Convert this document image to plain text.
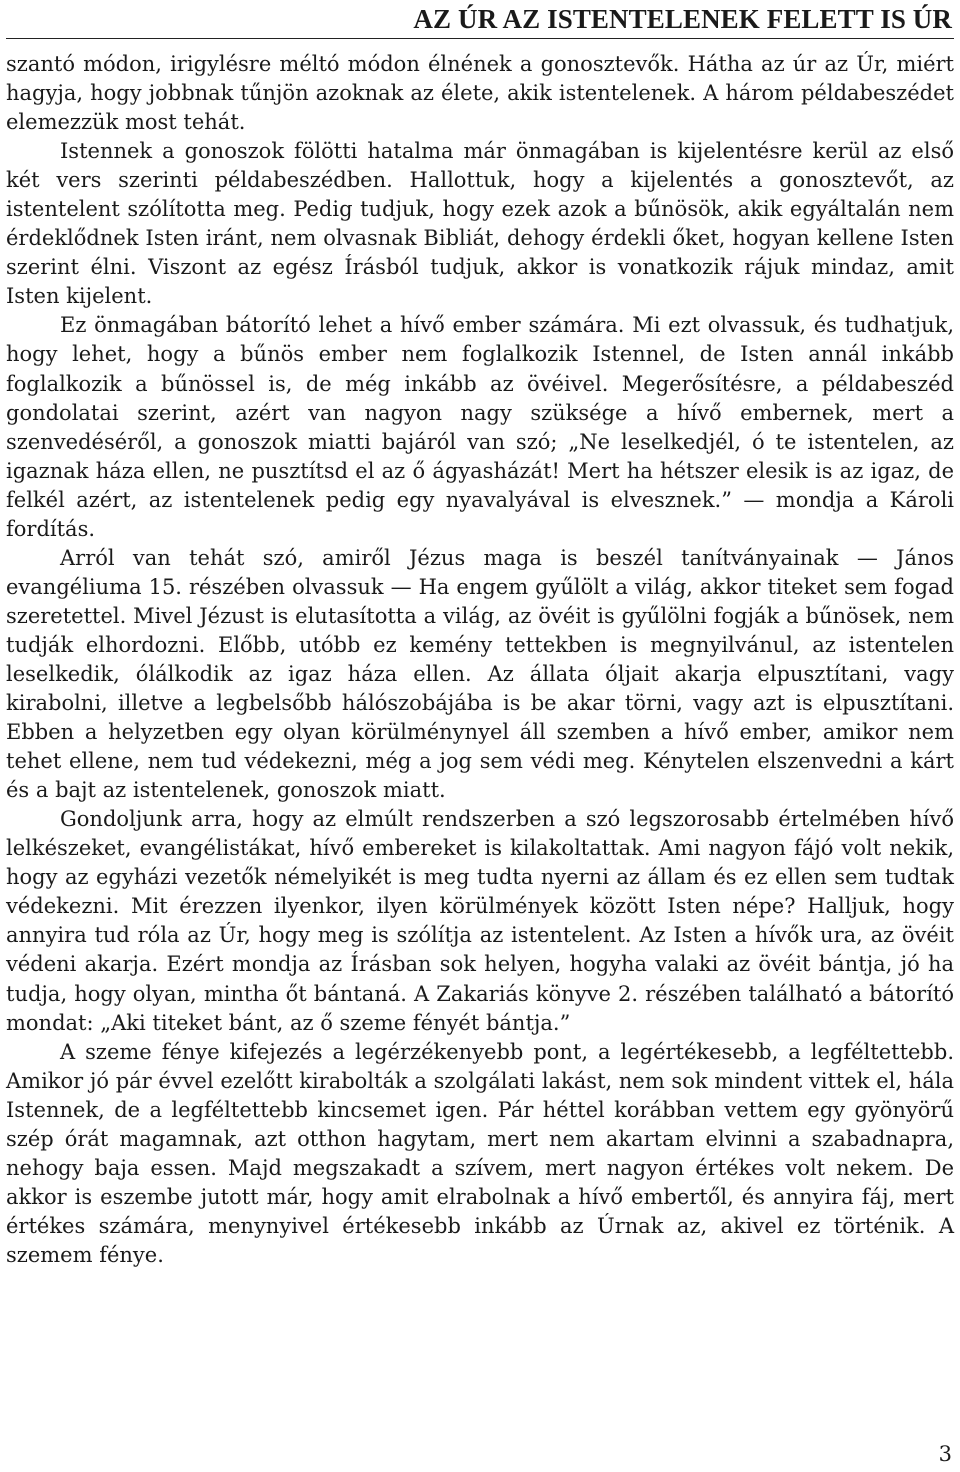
AZ ÚR AZ ISTENTELENEK FELETT IS ÚR

szantó módon, irigylésre méltó módon élnének a gonosztevők. Hátha az úr az Úr, miért hagyja, hogy jobbnak tűnjön azoknak az élete, akik istentelenek. A három példabeszédet elemezzük most tehát.

Istennek a gonoszok fölötti hatalma már önmagában is kijelentésre kerül az első két vers szerinti példabeszédben. Hallottuk, hogy a kijelentés a gonosztevőt, az istentelent szólította meg. Pedig tudjuk, hogy ezek azok a bűnösök, akik egyáltalán nem érdeklődnek Isten iránt, nem olvasnak Bibliát, dehogy érdekli őket, hogyan kellene Isten szerint élni. Viszont az egész Írásból tudjuk, akkor is vonatkozik rájuk mindaz, amit Isten kijelent.

Ez önmagában bátorító lehet a hívő ember számára. Mi ezt olvassuk, és tudhatjuk, hogy lehet, hogy a bűnös ember nem foglalkozik Istennel, de Isten annál inkább foglalkozik a bűnössel is, de még inkább az övéivel. Megerősítésre, a példabeszéd gondolatai szerint, azért van nagyon nagy szüksége a hívő embernek, mert a szenvedéséről, a gonoszok miatti bajáról van szó; „Ne leselkedjél, ó te istentelen, az igaznak háza ellen, ne pusztítsd el az ő ágyasházát! Mert ha hétszer elesik is az igaz, de felkél azért, az istentelenek pedig egy nyavalyával is elvesznek.” — mondja a Károli fordítás.

Arról van tehát szó, amiről Jézus maga is beszél tanítványainak — János evangéliuma 15. részében olvassuk — Ha engem gyűlölt a világ, akkor titeket sem fogad szeretettel. Mivel Jézust is elutasította a világ, az övéit is gyűlölni fogják a bűnösek, nem tudják elhordozni. Előbb, utóbb ez kemény tettekben is megnyilvánul, az istentelen leselkedik, ólálkodik az igaz háza ellen. Az állata óljait akarja elpusztítani, vagy kirabolni, illetve a legbelsőbb hálószobájába is be akar törni, vagy azt is elpusztítani. Ebben a helyzetben egy olyan körülménynyel áll szemben a hívő ember, amikor nem tehet ellene, nem tud védekezni, még a jog sem védi meg. Kénytelen elszenvedni a kárt és a bajt az istentelenek, gonoszok miatt.

Gondoljunk arra, hogy az elmúlt rendszerben a szó legszorosabb értelmében hívő lelkészeket, evangélistákat, hívő embereket is kilakoltattak. Ami nagyon fájó volt nekik, hogy az egyházi vezetők némelyikét is meg tudta nyerni az állam és ez ellen sem tudtak védekezni. Mit érezzen ilyenkor, ilyen körülmények között Isten népe? Halljuk, hogy annyira tud róla az Úr, hogy meg is szólítja az istentelent. Az Isten a hívők ura, az övéit védeni akarja. Ezért mondja az Írásban sok helyen, hogyha valaki az övéit bántja, jó ha tudja, hogy olyan, mintha őt bántaná. A Zakariás könyve 2. részében található a bátorító mondat: „Aki titeket bánt, az ő szeme fényét bántja.”

A szeme fénye kifejezés a legérzékenyebb pont, a legértékesebb, a legféltettebb. Amikor jó pár évvel ezelőtt kirabolták a szolgálati lakást, nem sok mindent vittek el, hála Istennek, de a legféltettebb kincsemet igen. Pár héttel korábban vettem egy gyönyörű szép órát magamnak, azt otthon hagytam, mert nem akartam elvinni a szabadnapra, nehogy baja essen. Majd megszakadt a szívem, mert nagyon értékes volt nekem. De akkor is eszembe jutott már, hogy amit elrabolnak a hívő embertől, és annyira fáj, mert értékes számára, menynyivel értékesebb inkább az Úrnak az, akivel ez történik. A szemem fénye.

3
